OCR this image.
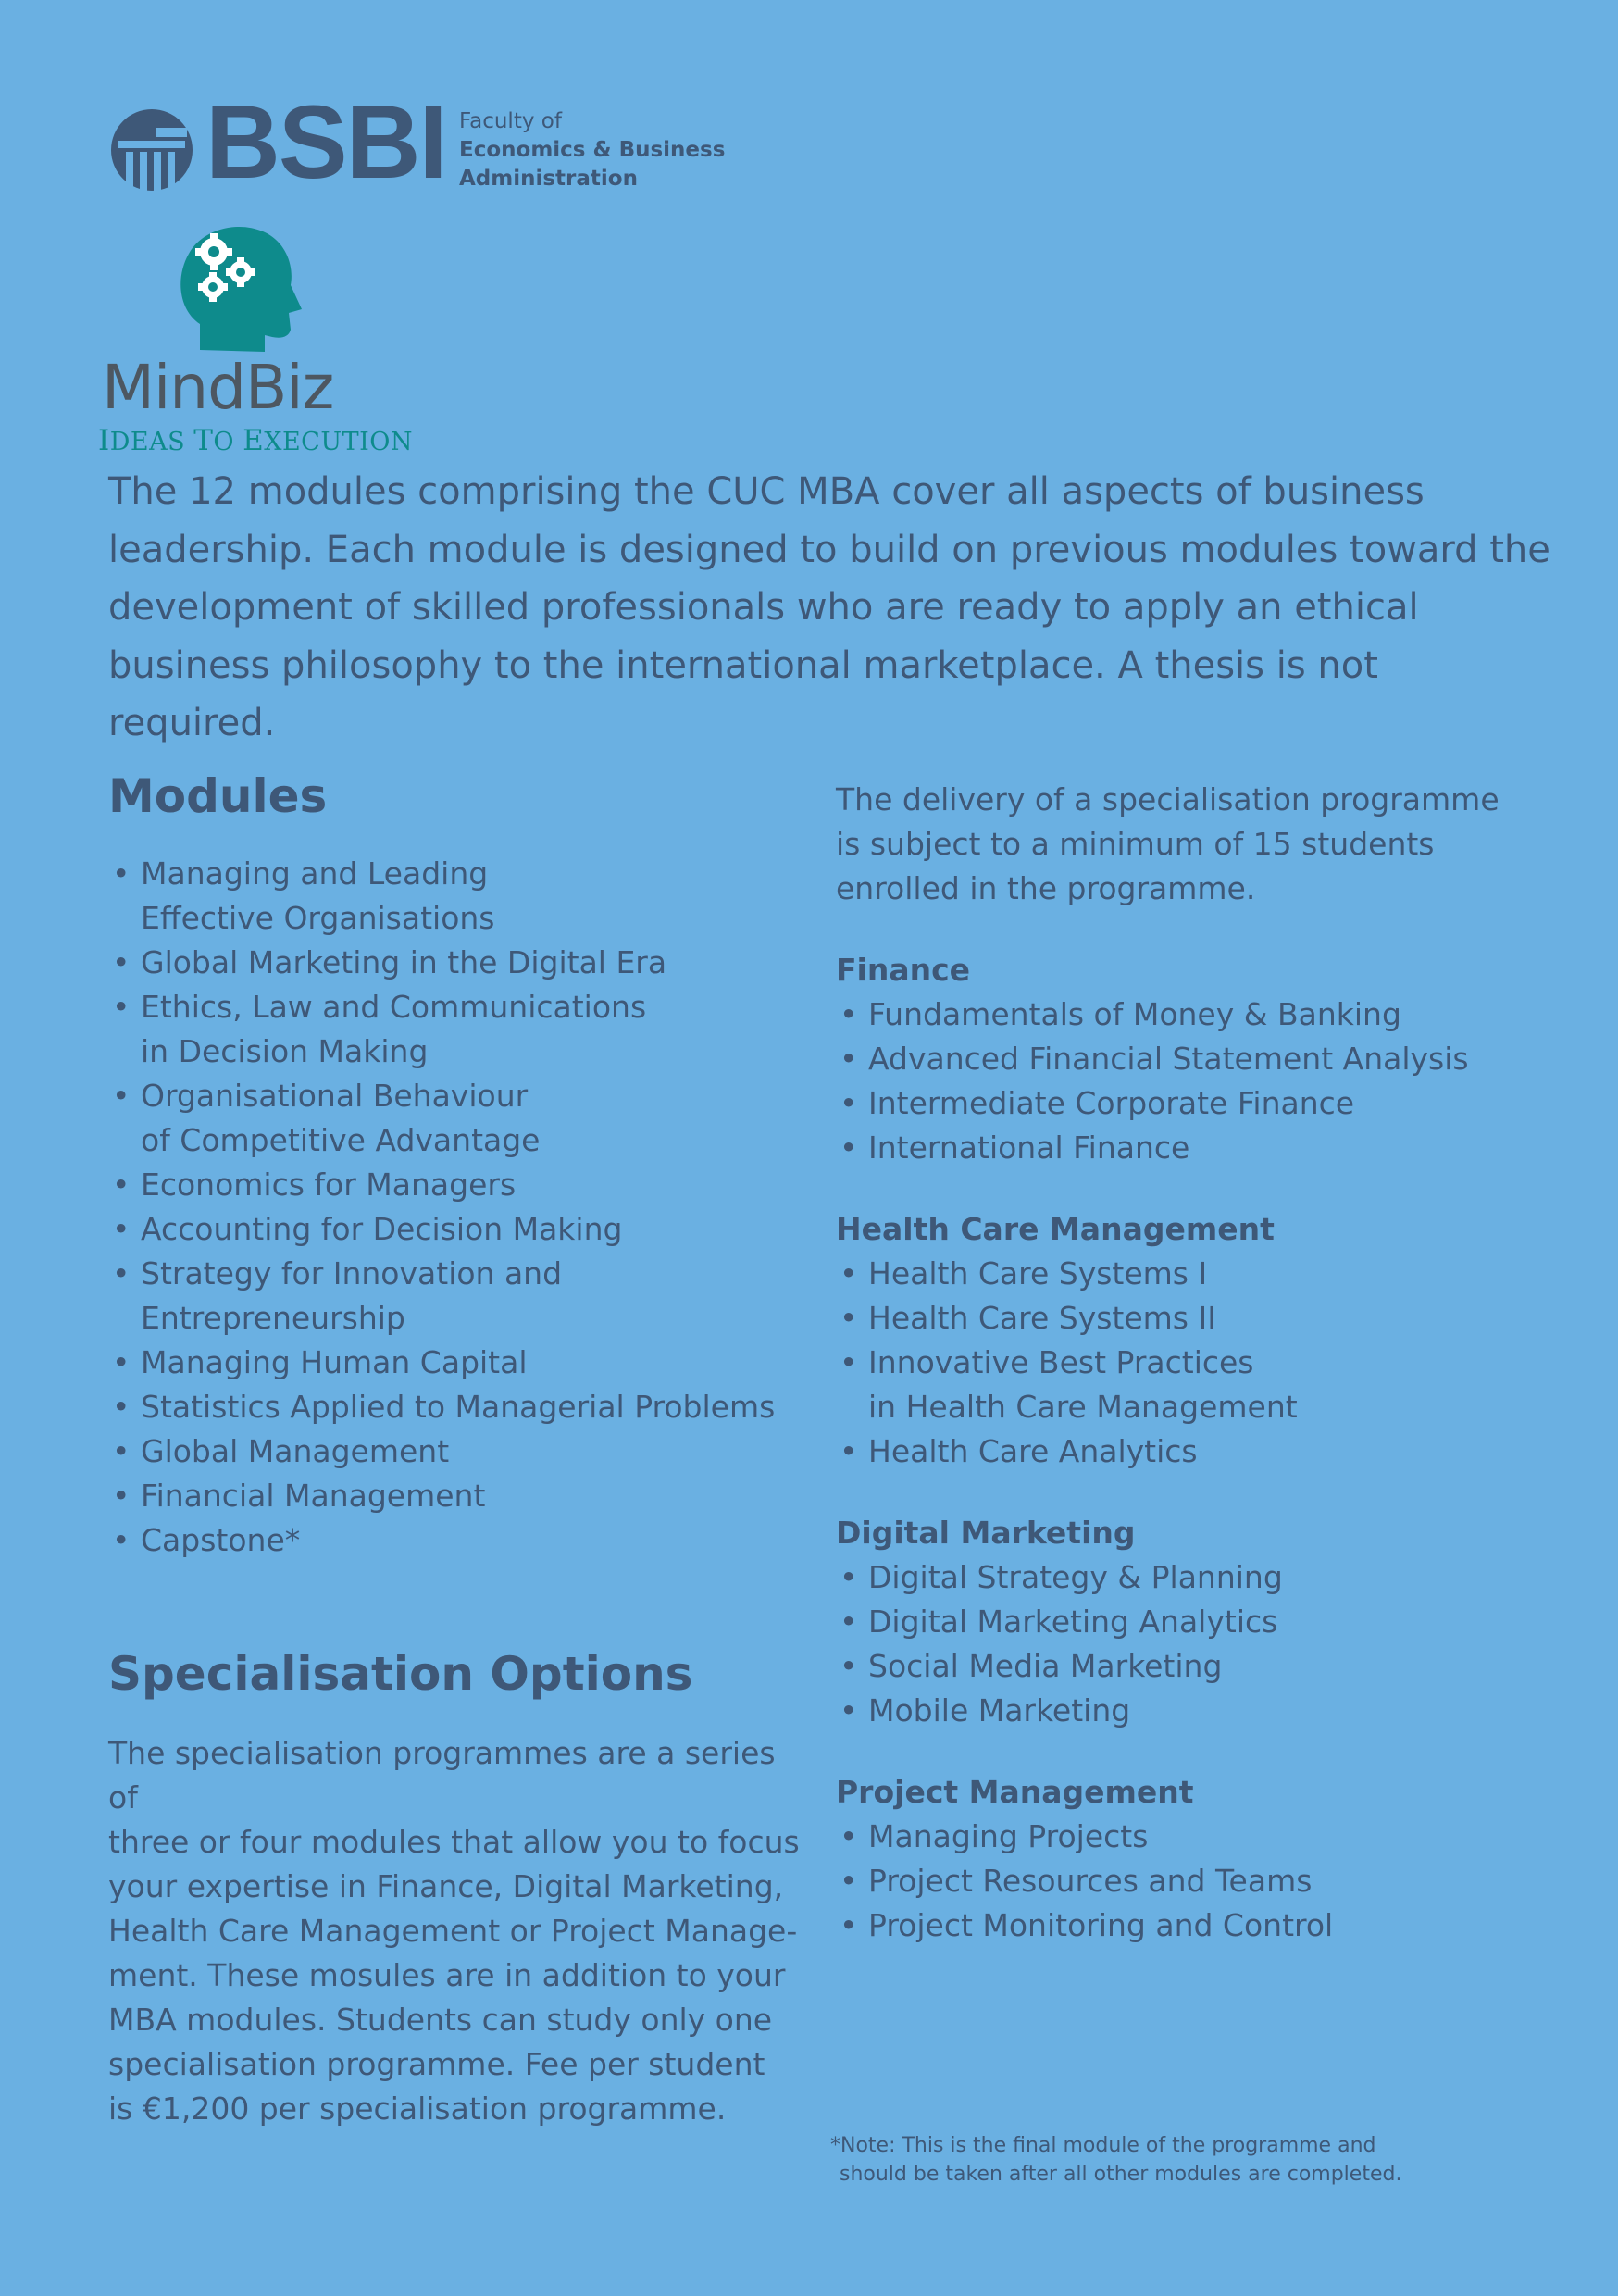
BSBI Faculty of
Economics & Business
Administration
MindBiz
IDEAS TO EXECUTION

The 12 modules comprising the CUC MBA cover all aspects of business leadership. Each module is designed to build on previous modules toward the development of skilled professionals who are ready to apply an ethical business philosophy to the international marketplace. A thesis is not required.

Modules
• Managing and Leading
Effective Organisations
• Global Marketing in the Digital Era
• Ethics, Law and Communications
in Decision Making
• Organisational Behaviour
of Competitive Advantage
• Economics for Managers
• Accounting for Decision Making
• Strategy for Innovation and Entrepreneurship
• Managing Human Capital
• Statistics Applied to Managerial Problems
• Global Management
• Financial Management
• Capstone*
Specialisation Options
The specialisation programmes are a series of
three or four modules that allow you to focus
your expertise in Finance, Digital Marketing,
Health Care Management or Project Manage-
ment. These mosules are in addition to your
MBA modules. Students can study only one
specialisation programme. Fee per student
is €1,200 per specialisation programme.
The delivery of a specialisation programme
is subject to a minimum of 15 students
enrolled in the programme.
Finance
• Fundamentals of Money & Banking
• Advanced Financial Statement Analysis
• Intermediate Corporate Finance
• International Finance
Health Care Management
• Health Care Systems I
• Health Care Systems II
• Innovative Best Practices
in Health Care Management
• Health Care Analytics
Digital Marketing
• Digital Strategy & Planning
• Digital Marketing Analytics
• Social Media Marketing
• Mobile Marketing
Project Management
• Managing Projects
• Project Resources and Teams
• Project Monitoring and Control
*Note: This is the final module of the programme and
should be taken after all other modules are completed.
